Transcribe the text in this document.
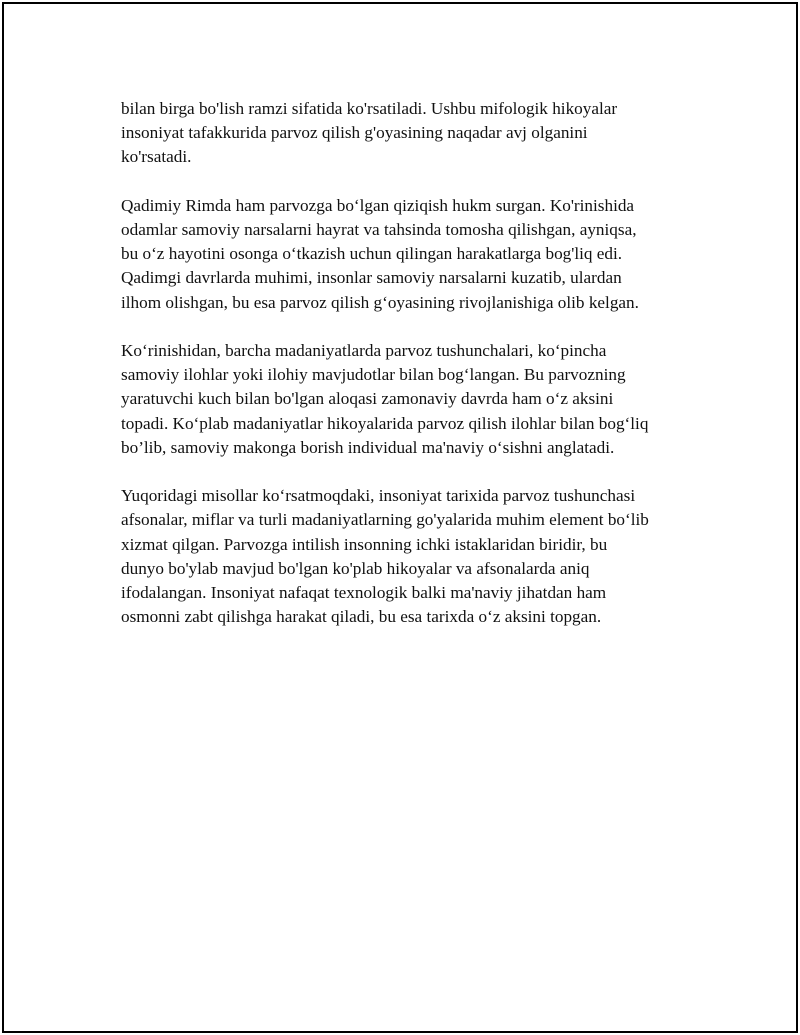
bilan birga bo'lish ramzi sifatida ko'rsatiladi. Ushbu mifologik hikoyalar
insoniyat tafakkurida parvoz qilish g'oyasining naqadar avj olganini
ko'rsatadi.

Qadimiy Rimda ham parvozga bo‘lgan qiziqish hukm surgan. Ko'rinishida
odamlar samoviy narsalarni hayrat va tahsinda tomosha qilishgan, ayniqsa,
bu o‘z hayotini osonga o‘tkazish uchun qilingan harakatlarga bog'liq edi.
Qadimgi davrlarda muhimi, insonlar samoviy narsalarni kuzatib, ulardan
ilhom olishgan, bu esa parvoz qilish g‘oyasining rivojlanishiga olib kelgan.

Ko‘rinishidan, barcha madaniyatlarda parvoz tushunchalari, ko‘pincha
samoviy ilohlar yoki ilohiy mavjudotlar bilan bog‘langan. Bu parvozning
yaratuvchi kuch bilan bo'lgan aloqasi zamonaviy davrda ham o‘z aksini
topadi. Ko‘plab madaniyatlar hikoyalarida parvoz qilish ilohlar bilan bog‘liq
bo’lib, samoviy makonga borish individual ma'naviy o‘sishni anglatadi.

Yuqoridagi misollar ko‘rsatmoqdaki, insoniyat tarixida parvoz tushunchasi
afsonalar, miflar va turli madaniyatlarning go'yalarida muhim element bo‘lib
xizmat qilgan. Parvozga intilish insonning ichki istaklaridan biridir, bu
dunyo bo'ylab mavjud bo'lgan ko'plab hikoyalar va afsonalarda aniq
ifodalangan. Insoniyat nafaqat texnologik balki ma'naviy jihatdan ham
osmonni zabt qilishga harakat qiladi, bu esa tarixda o‘z aksini topgan.
